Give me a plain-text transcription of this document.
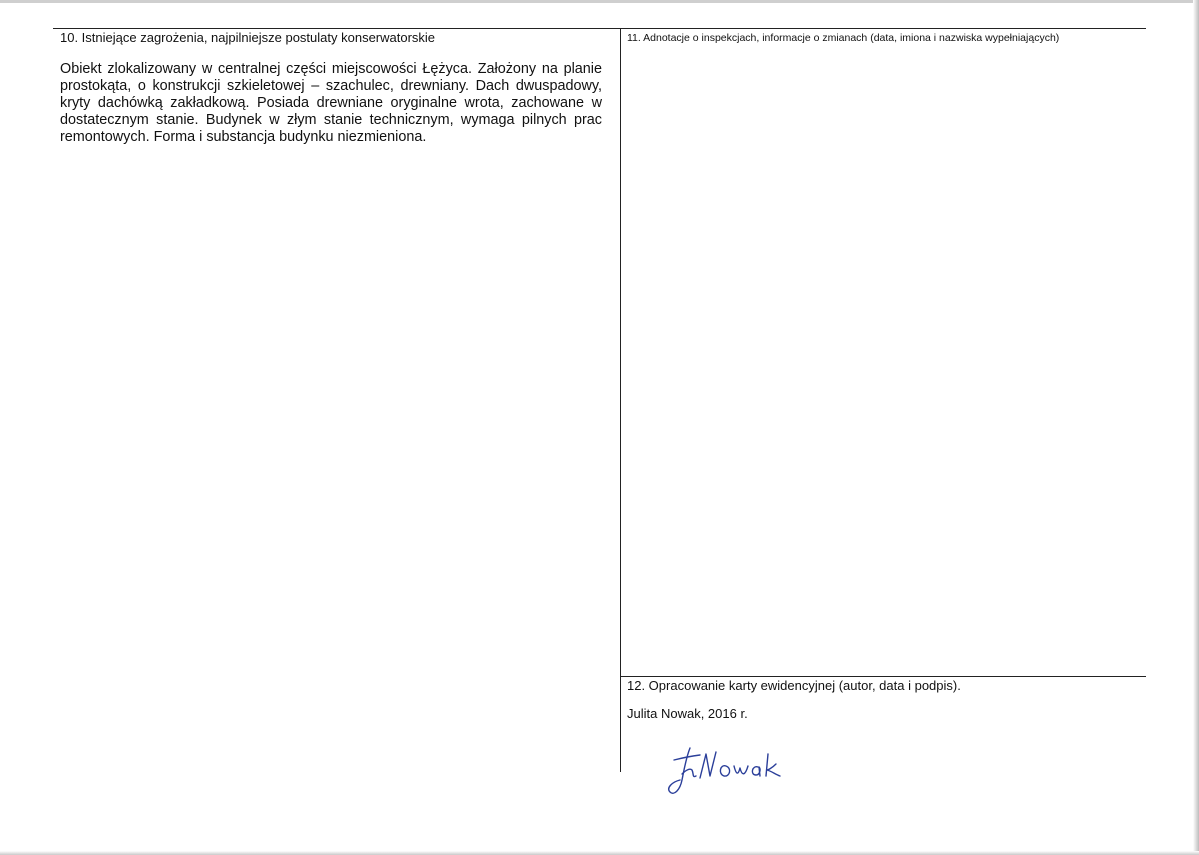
10. Istniejące zagrożenia, najpilniejsze postulaty konserwatorskie
Obiekt zlokalizowany w centralnej części miejscowości Łężyca. Założony na planie prostokąta, o konstrukcji szkieletowej – szachulec, drewniany. Dach dwuspadowy, kryty dachówką zakładkową. Posiada drewniane oryginalne wrota, zachowane w dostatecznym stanie. Budynek w złym stanie technicznym, wymaga pilnych prac remontowych. Forma i substancja budynku niezmieniona.
11. Adnotacje o inspekcjach, informacje o zmianach (data, imiona i nazwiska wypełniających)
12. Opracowanie karty ewidencyjnej (autor, data i podpis).
Julita Nowak, 2016 r.
